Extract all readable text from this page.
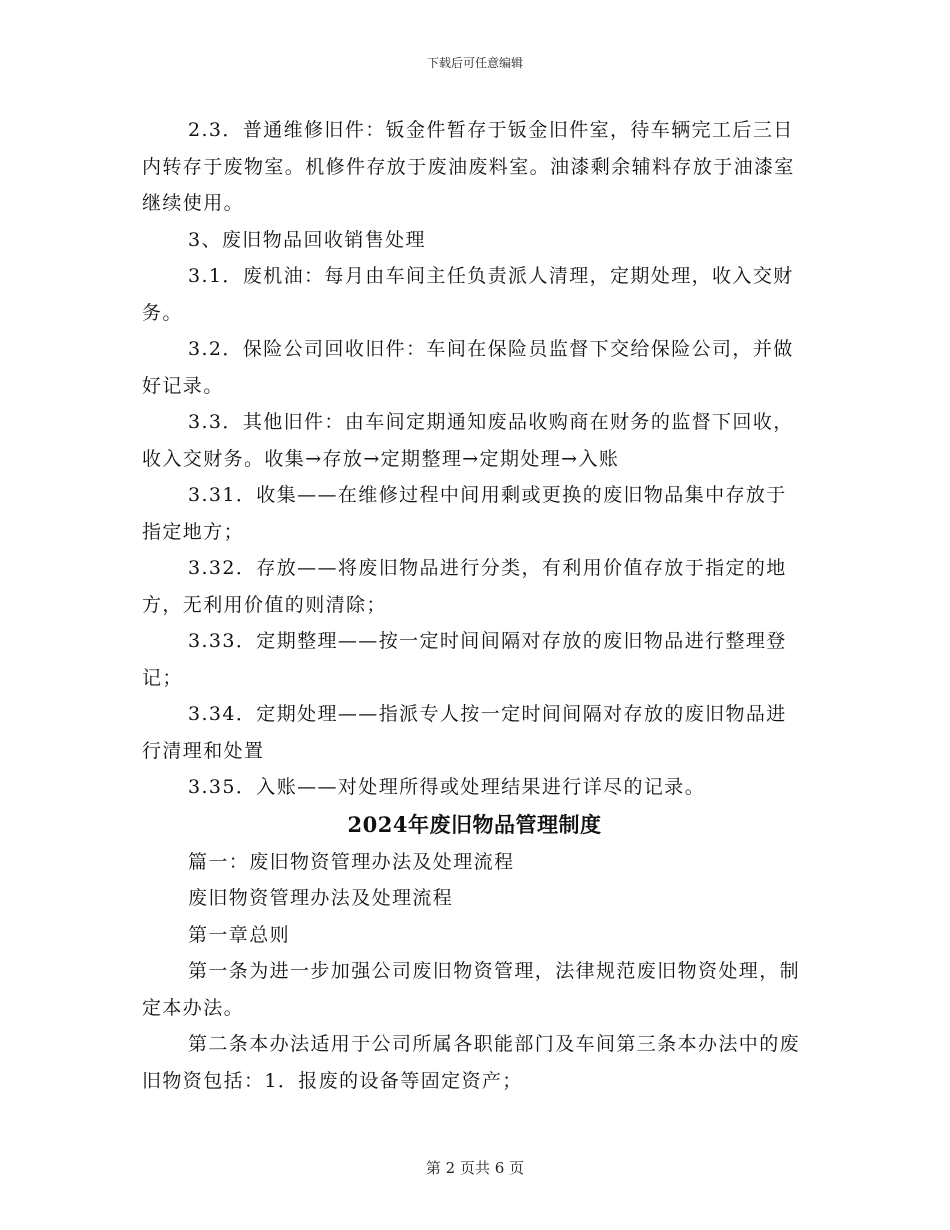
下载后可任意编辑

2.3．普通维修旧件：钣金件暂存于钣金旧件室，待车辆完工后三日内转存于废物室。机修件存放于废油废料室。油漆剩余辅料存放于油漆室继续使用。

3、废旧物品回收销售处理

3.1．废机油：每月由车间主任负责派人清理，定期处理，收入交财务。

3.2．保险公司回收旧件：车间在保险员监督下交给保险公司，并做好记录。

3.3．其他旧件：由车间定期通知废品收购商在财务的监督下回收，收入交财务。收集→存放→定期整理→定期处理→入账

3.31．收集——在维修过程中间用剩或更换的废旧物品集中存放于指定地方；

3.32．存放——将废旧物品进行分类，有利用价值存放于指定的地方，无利用价值的则清除；

3.33．定期整理——按一定时间间隔对存放的废旧物品进行整理登记；

3.34．定期处理——指派专人按一定时间间隔对存放的废旧物品进行清理和处置

3.35．入账——对处理所得或处理结果进行详尽的记录。

2024年废旧物品管理制度

篇一：废旧物资管理办法及处理流程

废旧物资管理办法及处理流程

第一章总则

第一条为进一步加强公司废旧物资管理，法律规范废旧物资处理，制定本办法。

第二条本办法适用于公司所属各职能部门及车间第三条本办法中的废旧物资包括：1．报废的设备等固定资产；

第 2 页共 6 页
